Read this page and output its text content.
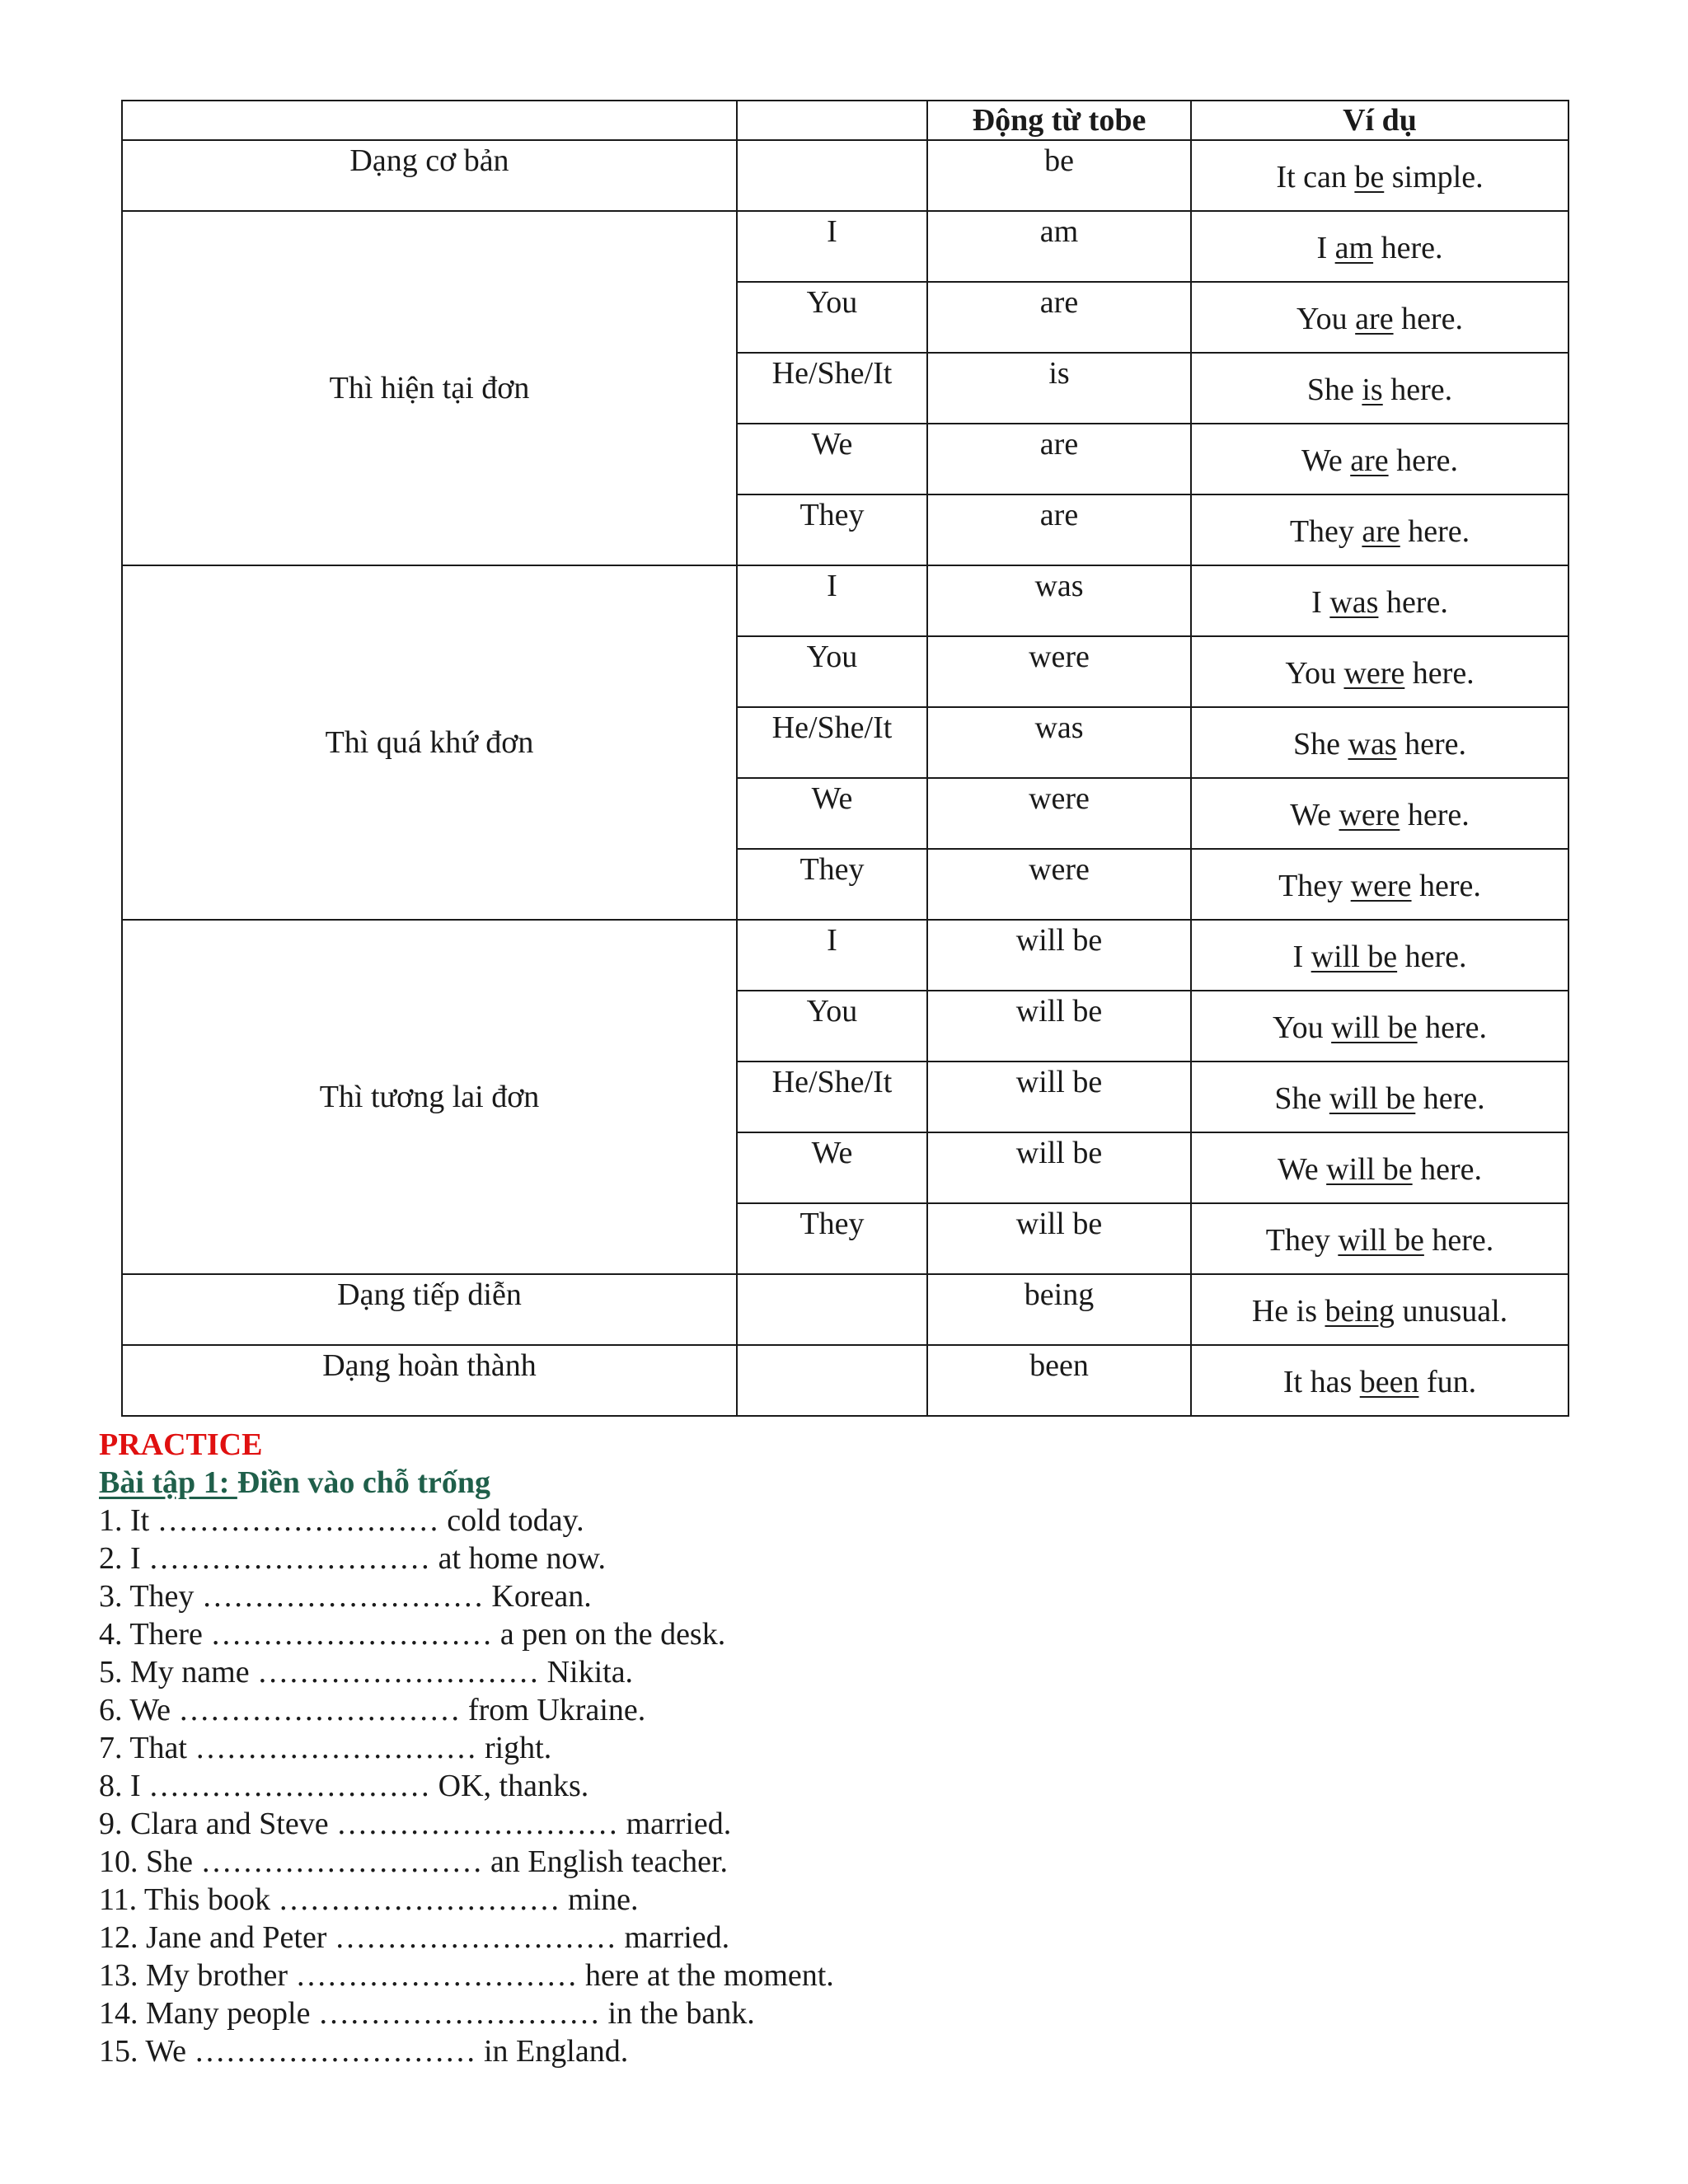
		Động từ tobe	Ví dụ

Dạng cơ bản		be	It can be simple.

Thì hiện tại đơn	I	am	I am here.

	You	are	You are here.

	He/She/It	is	She is here.

	We	are	We are here.

	They	are	They are here.

Thì quá khứ đơn	I	was	I was here.

	You	were	You were here.

	He/She/It	was	She was here.

	We	were	We were here.

	They	were	They were here.

Thì tương lai đơn	I	will be	I will be here.

	You	will be	You will be here.

	He/She/It	will be	She will be here.

	We	will be	We will be here.

	They	will be	They will be here.

Dạng tiếp diễn		being	He is being unusual.

Dạng hoàn thành		been	It has been fun.
PRACTICE
Bài tập 1: Điền vào chỗ trống
1. It ……………………… cold today.
2. I ……………………… at home now.
3. They ……………………… Korean.
4. There ……………………… a pen on the desk.
5. My name ……………………… Nikita.
6. We ……………………… from Ukraine.
7. That ……………………… right.
8. I ……………………… OK, thanks.
9. Clara and Steve ……………………… married.
10. She ……………………… an English teacher.
11. This book ……………………… mine.
12. Jane and Peter ……………………… married.
13. My brother ……………………… here at the moment.
14. Many people ……………………… in the bank.
15. We ……………………… in England.
